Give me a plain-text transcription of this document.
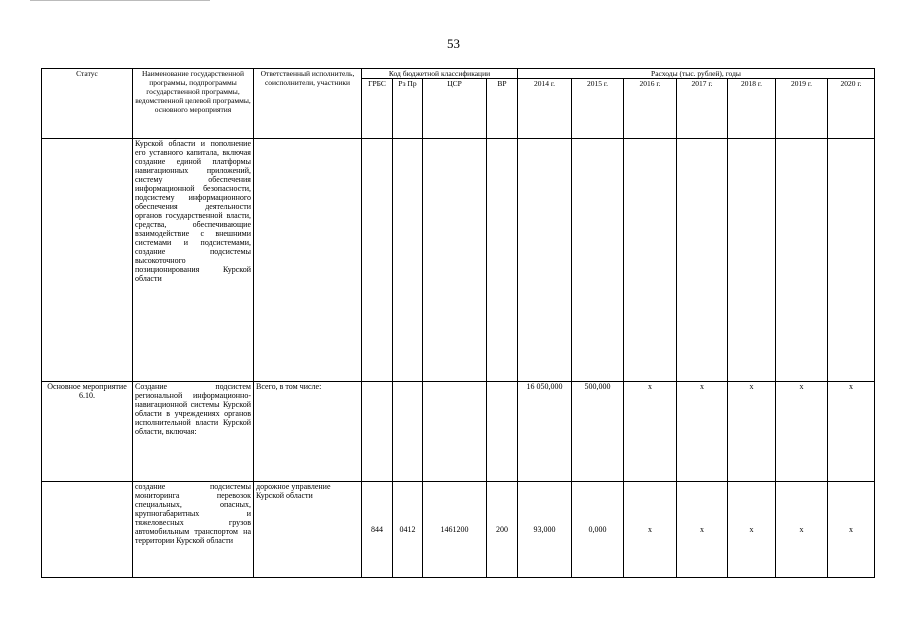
53
Статус	Наименование государственной программы, подпрограммы государственной программы, ведомственной целевой программы, основного мероприятия	Ответственный исполнитель, соисполнители, участники	Код бюджетной классификации				Расходы (тыс. рублей), годы						
			ГРБС	Рз Пр	ЦСР	ВР	2014 г.	2015 г.	2016 г.	2017 г.	2018 г.	2019 г.	2020 г.
	Курской области и пополнение его уставного капитала, включая создание единой платформы навигационных приложений, систему обеспечения информационной безопасности, подсистему информационного обеспечения деятельности органов государственной власти, средства, обеспечивающие взаимодействие с внешними системами и подсистемами, создание подсистемы высокоточного позиционирования Курской области												
Основное мероприятие 6.10.	Создание подсистем региональной информационно-навигационной системы Курской области в учреждениях органов исполнительной власти Курской области, включая:	Всего, в том числе:					16 050,000	500,000	x	x	x	x	x
	создание подсистемы мониторинга перевозок специальных, опасных, крупногабаритных и тяжеловесных грузов автомобильным транспортом на территории Курской области	дорожное управление Курской области	844	0412	1461200	200	93,000	0,000	x	x	x	x	x
